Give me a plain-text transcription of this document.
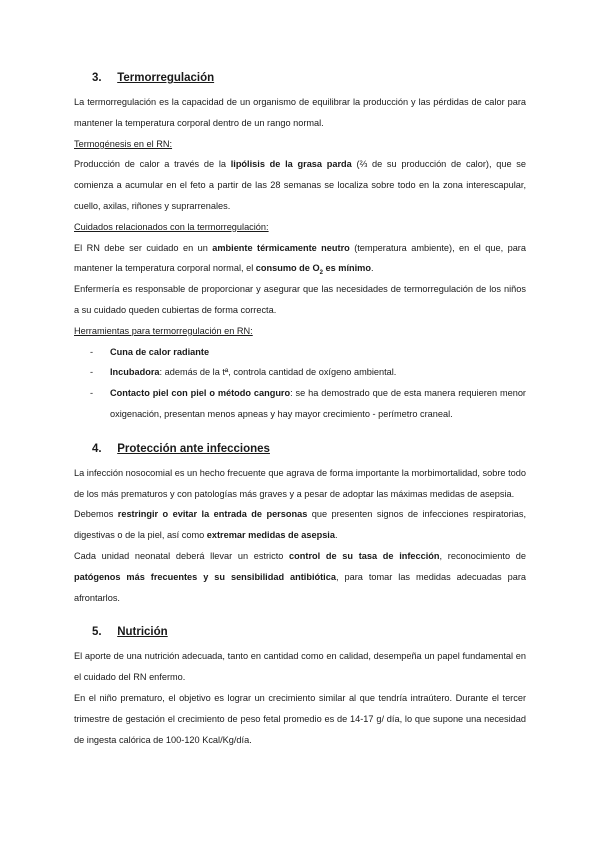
3. Termorregulación

La termorregulación es la capacidad de un organismo de equilibrar la producción y las pérdidas de calor para mantener la temperatura corporal dentro de un rango normal.

Termogénesis en el RN:

Producción de calor a través de la lipólisis de la grasa parda (⅔ de su producción de calor), que se comienza a acumular en el feto a partir de las 28 semanas se localiza sobre todo en la zona interescapular, cuello, axilas, riñones y suprarrenales.

Cuidados relacionados con la termorregulación:

El RN debe ser cuidado en un ambiente térmicamente neutro (temperatura ambiente), en el que, para mantener la temperatura corporal normal, el consumo de $O_2$ es mínimo.

Enfermería es responsable de proporcionar y asegurar que las necesidades de termorregulación de los niños a su cuidado queden cubiertas de forma correcta.

Herramientas para termorregulación en RN:

- Cuna de calor radiante
- Incubadora: además de la tª, controla cantidad de oxígeno ambiental.
- Contacto piel con piel o método canguro: se ha demostrado que de esta manera requieren menor oxigenación, presentan menos apneas y hay mayor crecimiento - perímetro craneal.
4. Protección ante infecciones

La infección nosocomial es un hecho frecuente que agrava de forma importante la morbimortalidad, sobre todo de los más prematuros y con patologías más graves y a pesar de adoptar las máximas medidas de asepsia.

Debemos restringir o evitar la entrada de personas que presenten signos de infecciones respiratorias, digestivas o de la piel, así como extremar medidas de asepsia.

Cada unidad neonatal deberá llevar un estricto control de su tasa de infección, reconocimiento de patógenos más frecuentes y su sensibilidad antibiótica, para tomar las medidas adecuadas para afrontarlos.

5. Nutrición

El aporte de una nutrición adecuada, tanto en cantidad como en calidad, desempeña un papel fundamental en el cuidado del RN enfermo.

En el niño prematuro, el objetivo es lograr un crecimiento similar al que tendría intraútero. Durante el tercer trimestre de gestación el crecimiento de peso fetal promedio es de 14-17 g/ día, lo que supone una necesidad de ingesta calórica de 100-120 Kcal/Kg/día.
